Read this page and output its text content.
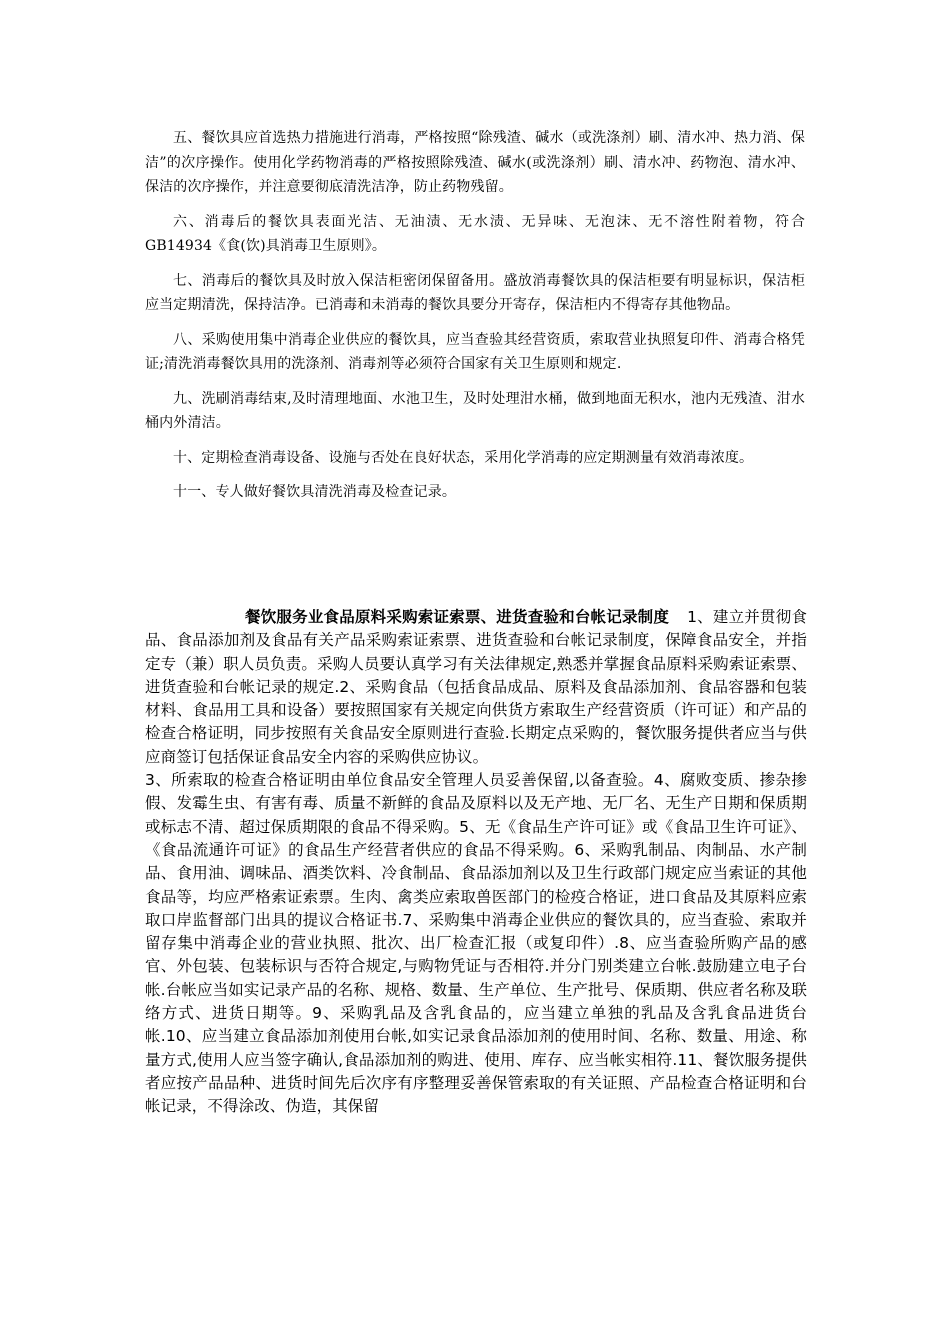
五、餐饮具应首选热力措施进行消毒，严格按照“除残渣、碱水（或洗涤剂）刷、清水冲、热力消、保洁”的次序操作。使用化学药物消毒的严格按照除残渣、碱水(或洗涤剂）刷、清水冲、药物泡、清水冲、保洁的次序操作，并注意要彻底清洗洁净，防止药物残留。

六、消毒后的餐饮具表面光洁、无油渍、无水渍、无异味、无泡沫、无不溶性附着物，符合GB14934《食(饮)具消毒卫生原则》。

七、消毒后的餐饮具及时放入保洁柜密闭保留备用。盛放消毒餐饮具的保洁柜要有明显标识，保洁柜应当定期清洗，保持洁净。已消毒和未消毒的餐饮具要分开寄存，保洁柜内不得寄存其他物品。

八、采购使用集中消毒企业供应的餐饮具，应当查验其经营资质，索取营业执照复印件、消毒合格凭证;清洗消毒餐饮具用的洗涤剂、消毒剂等必须符合国家有关卫生原则和规定.

九、洗刷消毒结束,及时清理地面、水池卫生，及时处理泔水桶，做到地面无积水，池内无残渣、泔水桶内外清洁。

十、定期检查消毒设备、设施与否处在良好状态，采用化学消毒的应定期测量有效消毒浓度。

十一、专人做好餐饮具清洗消毒及检查记录。

餐饮服务业食品原料采购索证索票、进货查验和台帐记录制度 1、建立并贯彻食品、食品添加剂及食品有关产品采购索证索票、进货查验和台帐记录制度，保障食品安全，并指定专（兼）职人员负责。采购人员要认真学习有关法律规定,熟悉并掌握食品原料采购索证索票、进货查验和台帐记录的规定.2、采购食品（包括食品成品、原料及食品添加剂、食品容器和包装材料、食品用工具和设备）要按照国家有关规定向供货方索取生产经营资质（许可证）和产品的检查合格证明，同步按照有关食品安全原则进行查验.长期定点采购的，餐饮服务提供者应当与供应商签订包括保证食品安全内容的采购供应协议。

3、所索取的检查合格证明由单位食品安全管理人员妥善保留,以备查验。4、腐败变质、掺杂掺假、发霉生虫、有害有毒、质量不新鲜的食品及原料以及无产地、无厂名、无生产日期和保质期或标志不清、超过保质期限的食品不得采购。5、无《食品生产许可证》或《食品卫生许可证》、《食品流通许可证》的食品生产经营者供应的食品不得采购。6、采购乳制品、肉制品、水产制品、食用油、调味品、酒类饮料、冷食制品、食品添加剂以及卫生行政部门规定应当索证的其他食品等，均应严格索证索票。生肉、禽类应索取兽医部门的检疫合格证，进口食品及其原料应索取口岸监督部门出具的提议合格证书.7、采购集中消毒企业供应的餐饮具的，应当查验、索取并留存集中消毒企业的营业执照、批次、出厂检查汇报（或复印件）.8、应当查验所购产品的感官、外包装、包装标识与否符合规定,与购物凭证与否相符.并分门别类建立台帐.鼓励建立电子台帐.台帐应当如实记录产品的名称、规格、数量、生产单位、生产批号、保质期、供应者名称及联络方式、进货日期等。9、采购乳品及含乳食品的，应当建立单独的乳品及含乳食品进货台帐.10、应当建立食品添加剂使用台帐,如实记录食品添加剂的使用时间、名称、数量、用途、称量方式,使用人应当签字确认,食品添加剂的购进、使用、库存、应当帐实相符.11、餐饮服务提供者应按产品品种、进货时间先后次序有序整理妥善保管索取的有关证照、产品检查合格证明和台帐记录，不得涂改、伪造，其保留
